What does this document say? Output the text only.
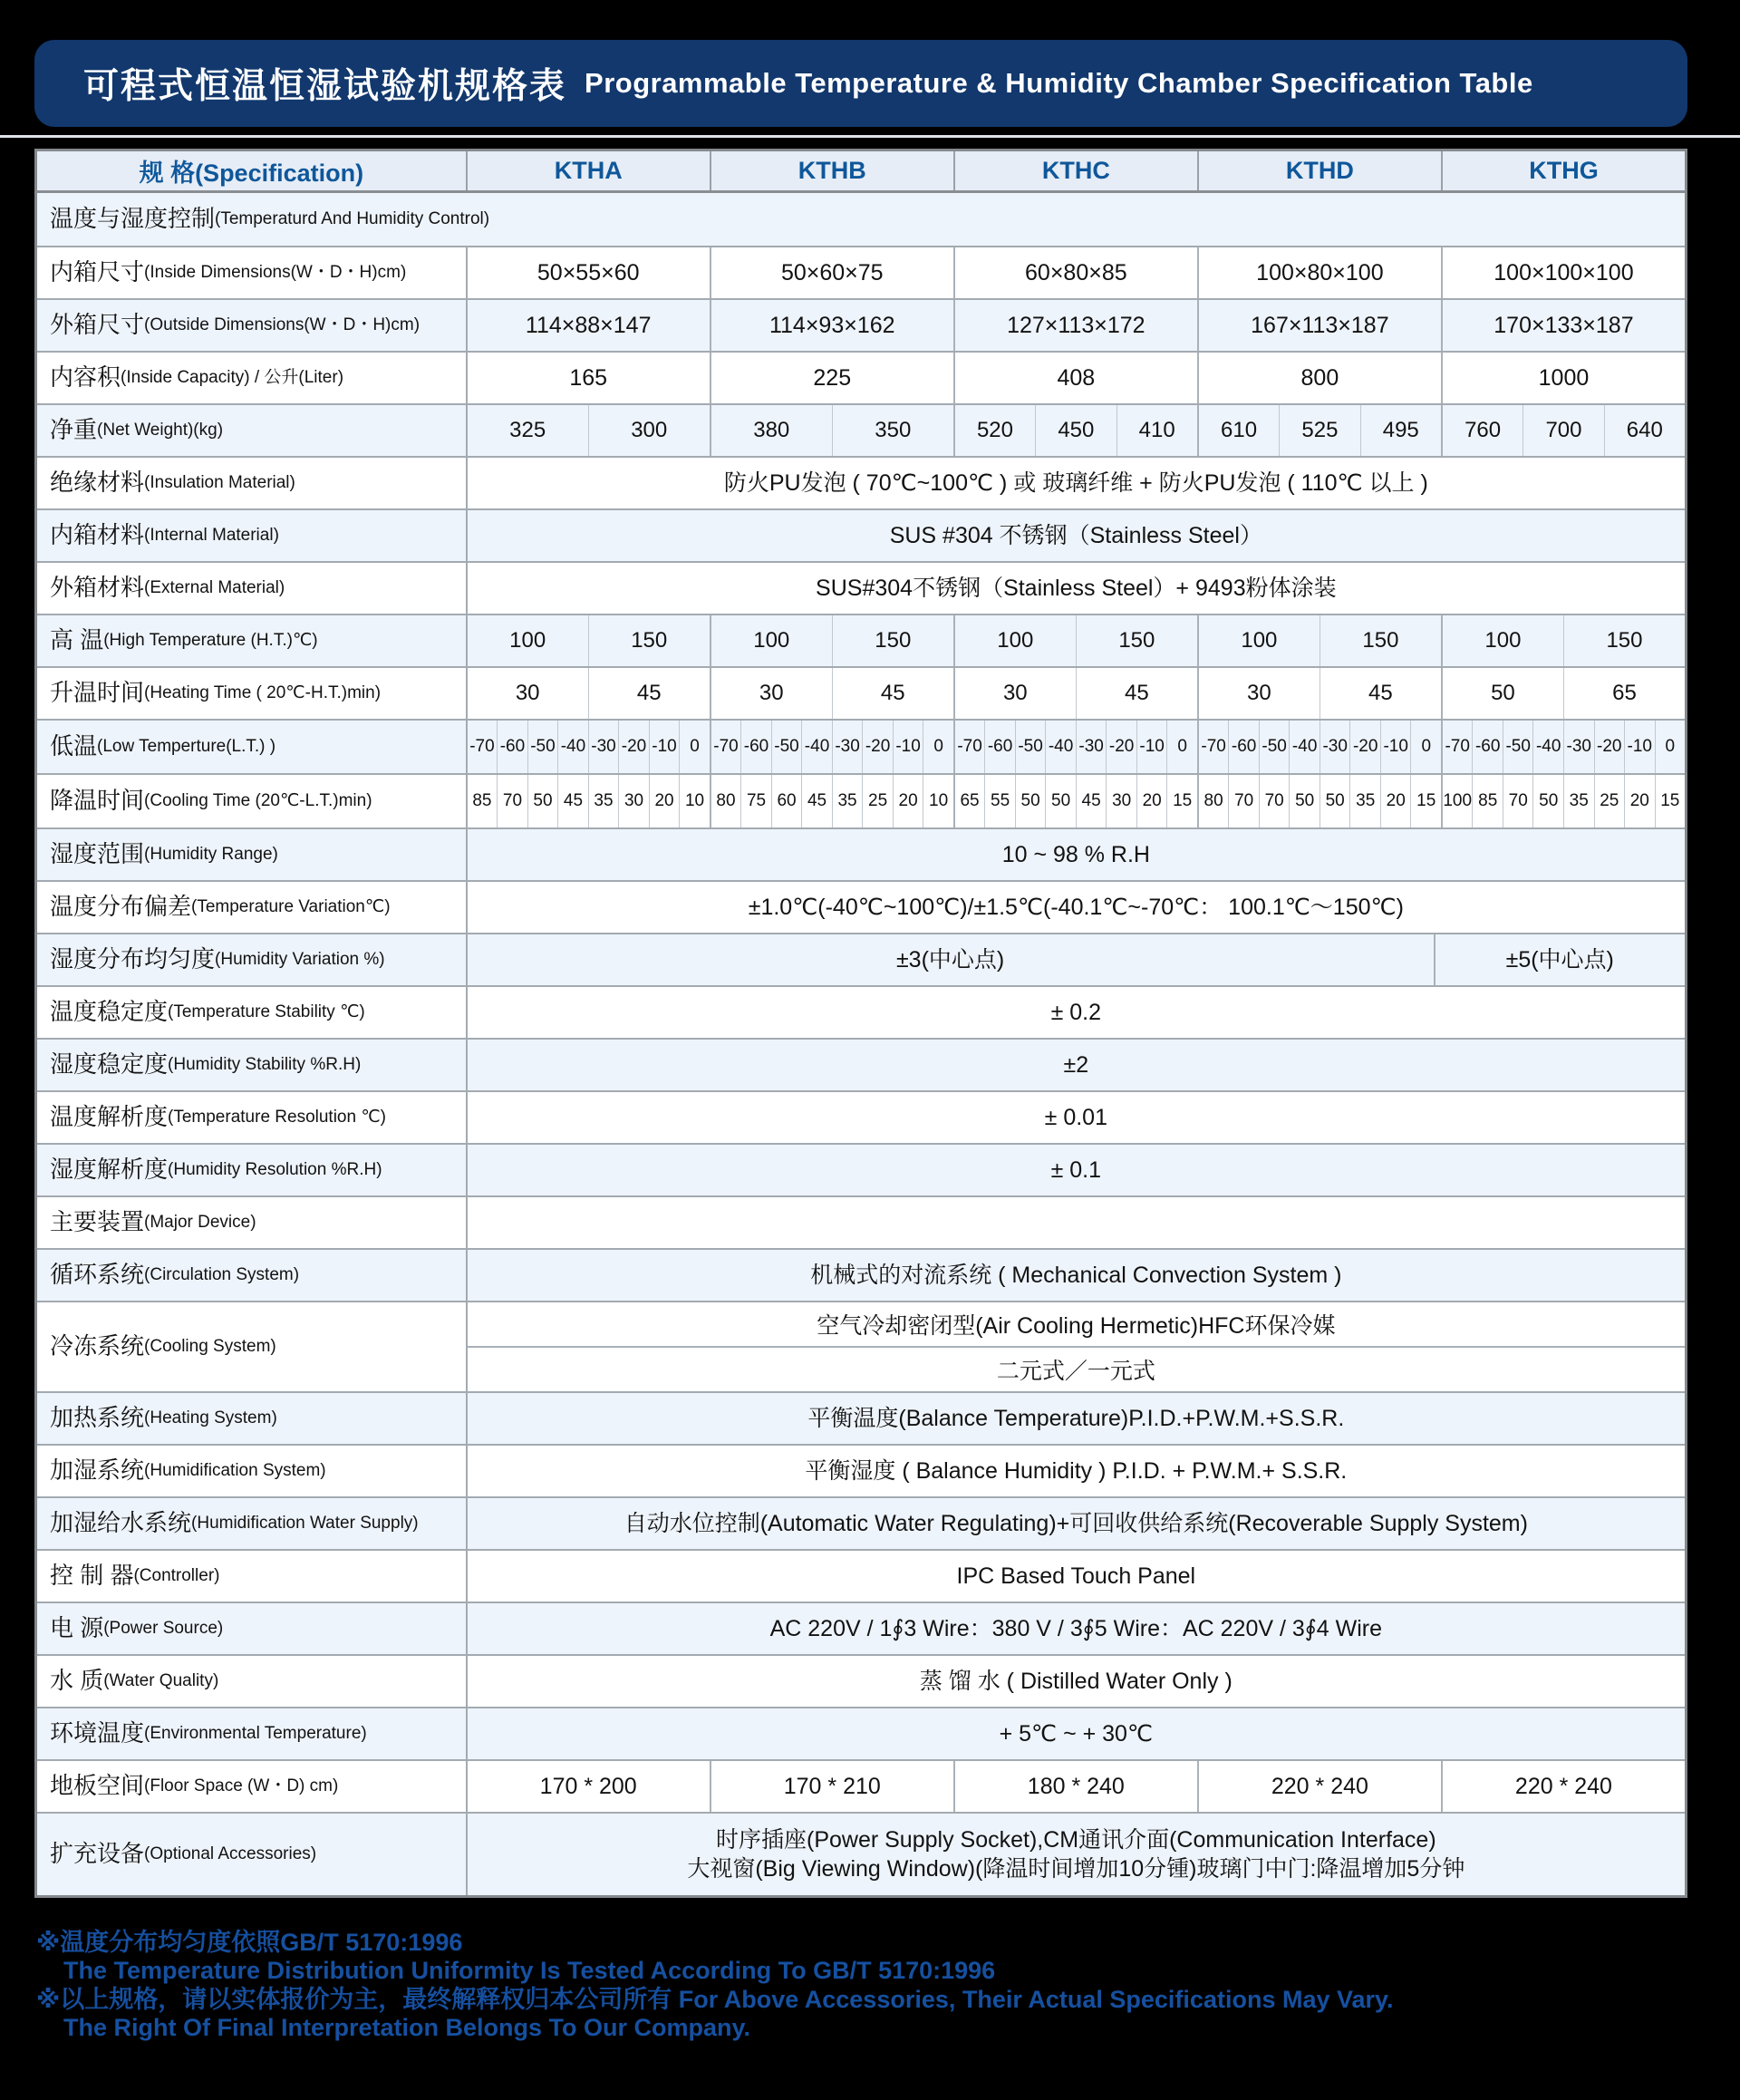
可程式恒温恒湿试验机规格表 Programmable Temperature & Humidity Chamber Specification Table
规 格(Specification)	KTHA	KTHB	KTHC	KTHD	KTHG
温度与湿度控制 (Temperaturd And Humidity Control)
内箱尺寸 (Inside Dimensions(W・D・H)cm)	50×55×60	50×60×75	60×80×85	100×80×100	100×100×100
外箱尺寸 (Outside Dimensions(W・D・H)cm)	114×88×147	114×93×162	127×113×172	167×113×187	170×133×187
内容积 (Inside Capacity) / 公升(Liter)	165	225	408	800	1000
净重 (Net Weight)(kg)	325	300	380	350	520	450	410	610	525	495	760	700	640
绝缘材料 (Insulation Material)	防火PU发泡 ( 70℃~100℃ ) 或 玻璃纤维 + 防火PU发泡 ( 110℃ 以上 )
内箱材料 (Internal Material)	SUS #304 不锈钢（Stainless Steel）
外箱材料 (External Material)	SUS#304不锈钢（Stainless Steel）+ 9493粉体涂装
高 温 (High Temperature (H.T.)℃)	100	150	100	150	100	150	100	150	100	150
升温时间 (Heating Time ( 20℃-H.T.)min)	30	45	30	45	30	45	30	45	50	65
低温 (Low Temperture(L.T.) )	-70 -60 -50 -40 -30 -20 -10 0 -70 -60 -50 -40 -30 -20 -10 0 -70 -60 -50 -40 -30 -20 -10 0 -70 -60 -50 -40 -30 -20 -10 0 -70 -60 -50 -40 -30 -20 -10 0
降温时间 (Cooling Time (20℃-L.T.)min)	85 70 50 45 35 30 20 10 80 75 60 45 35 25 20 10 65 55 50 50 45 30 20 15 80 70 70 50 50 35 20 15 100 85 70 50 35 25 20 15
湿度范围 (Humidity Range)	10 ~ 98 % R.H
温度分布偏差 (Temperature Variation℃)	±1.0℃(-40℃~100℃)/±1.5℃(-40.1℃~-70℃： 100.1℃～150℃)
湿度分布均匀度 (Humidity Variation %)	±3(中心点)	±5(中心点)
温度稳定度 (Temperature Stability ℃)	± 0.2
湿度稳定度 (Humidity Stability %R.H)	±2
温度解析度 (Temperature Resolution ℃)	± 0.01
湿度解析度 (Humidity Resolution %R.H)	± 0.1
主要装置 (Major Device)
循环系统 (Circulation System)	机械式的对流系统 ( Mechanical Convection System )
冷冻系统 (Cooling System)
空气冷却密闭型(Air Cooling Hermetic)HFC环保冷媒
二元式／一元式
加热系统 (Heating System)	平衡温度(Balance Temperature)P.I.D.+P.W.M.+S.S.R.
加湿系统 (Humidification System)	平衡湿度 ( Balance Humidity ) P.I.D. + P.W.M.+ S.S.R.
加湿给水系统 (Humidification Water Supply)	自动水位控制(Automatic Water Regulating)+可回收供给系统(Recoverable Supply System)
控 制 器 (Controller)	IPC Based Touch Panel
电 源 (Power Source)	AC 220V / 1∮3 Wire：380 V / 3∮5 Wire：AC 220V / 3∮4 Wire
水 质 (Water Quality)	蒸 馏 水 ( Distilled Water Only )
环境温度 (Environmental Temperature)	+ 5℃ ~ + 30℃
地板空间 (Floor Space (W・D) cm)	170 * 200	170 * 210	180 * 240	220 * 240	220 * 240
扩充设备 (Optional Accessories)
时序插座(Power Supply Socket),CM通讯介面(Communication Interface)
大视窗(Big Viewing Window)(降温时间增加10分锺)玻璃门中门:降温增加5分钟
※温度分布均匀度依照GB/T 5170:1996
The Temperature Distribution Uniformity Is Tested According To GB/T 5170:1996
※以上规格，请以实体报价为主，最终解释权归本公司所有 For Above Accessories, Their Actual Specifications May Vary.
The Right Of Final Interpretation Belongs To Our Company.
